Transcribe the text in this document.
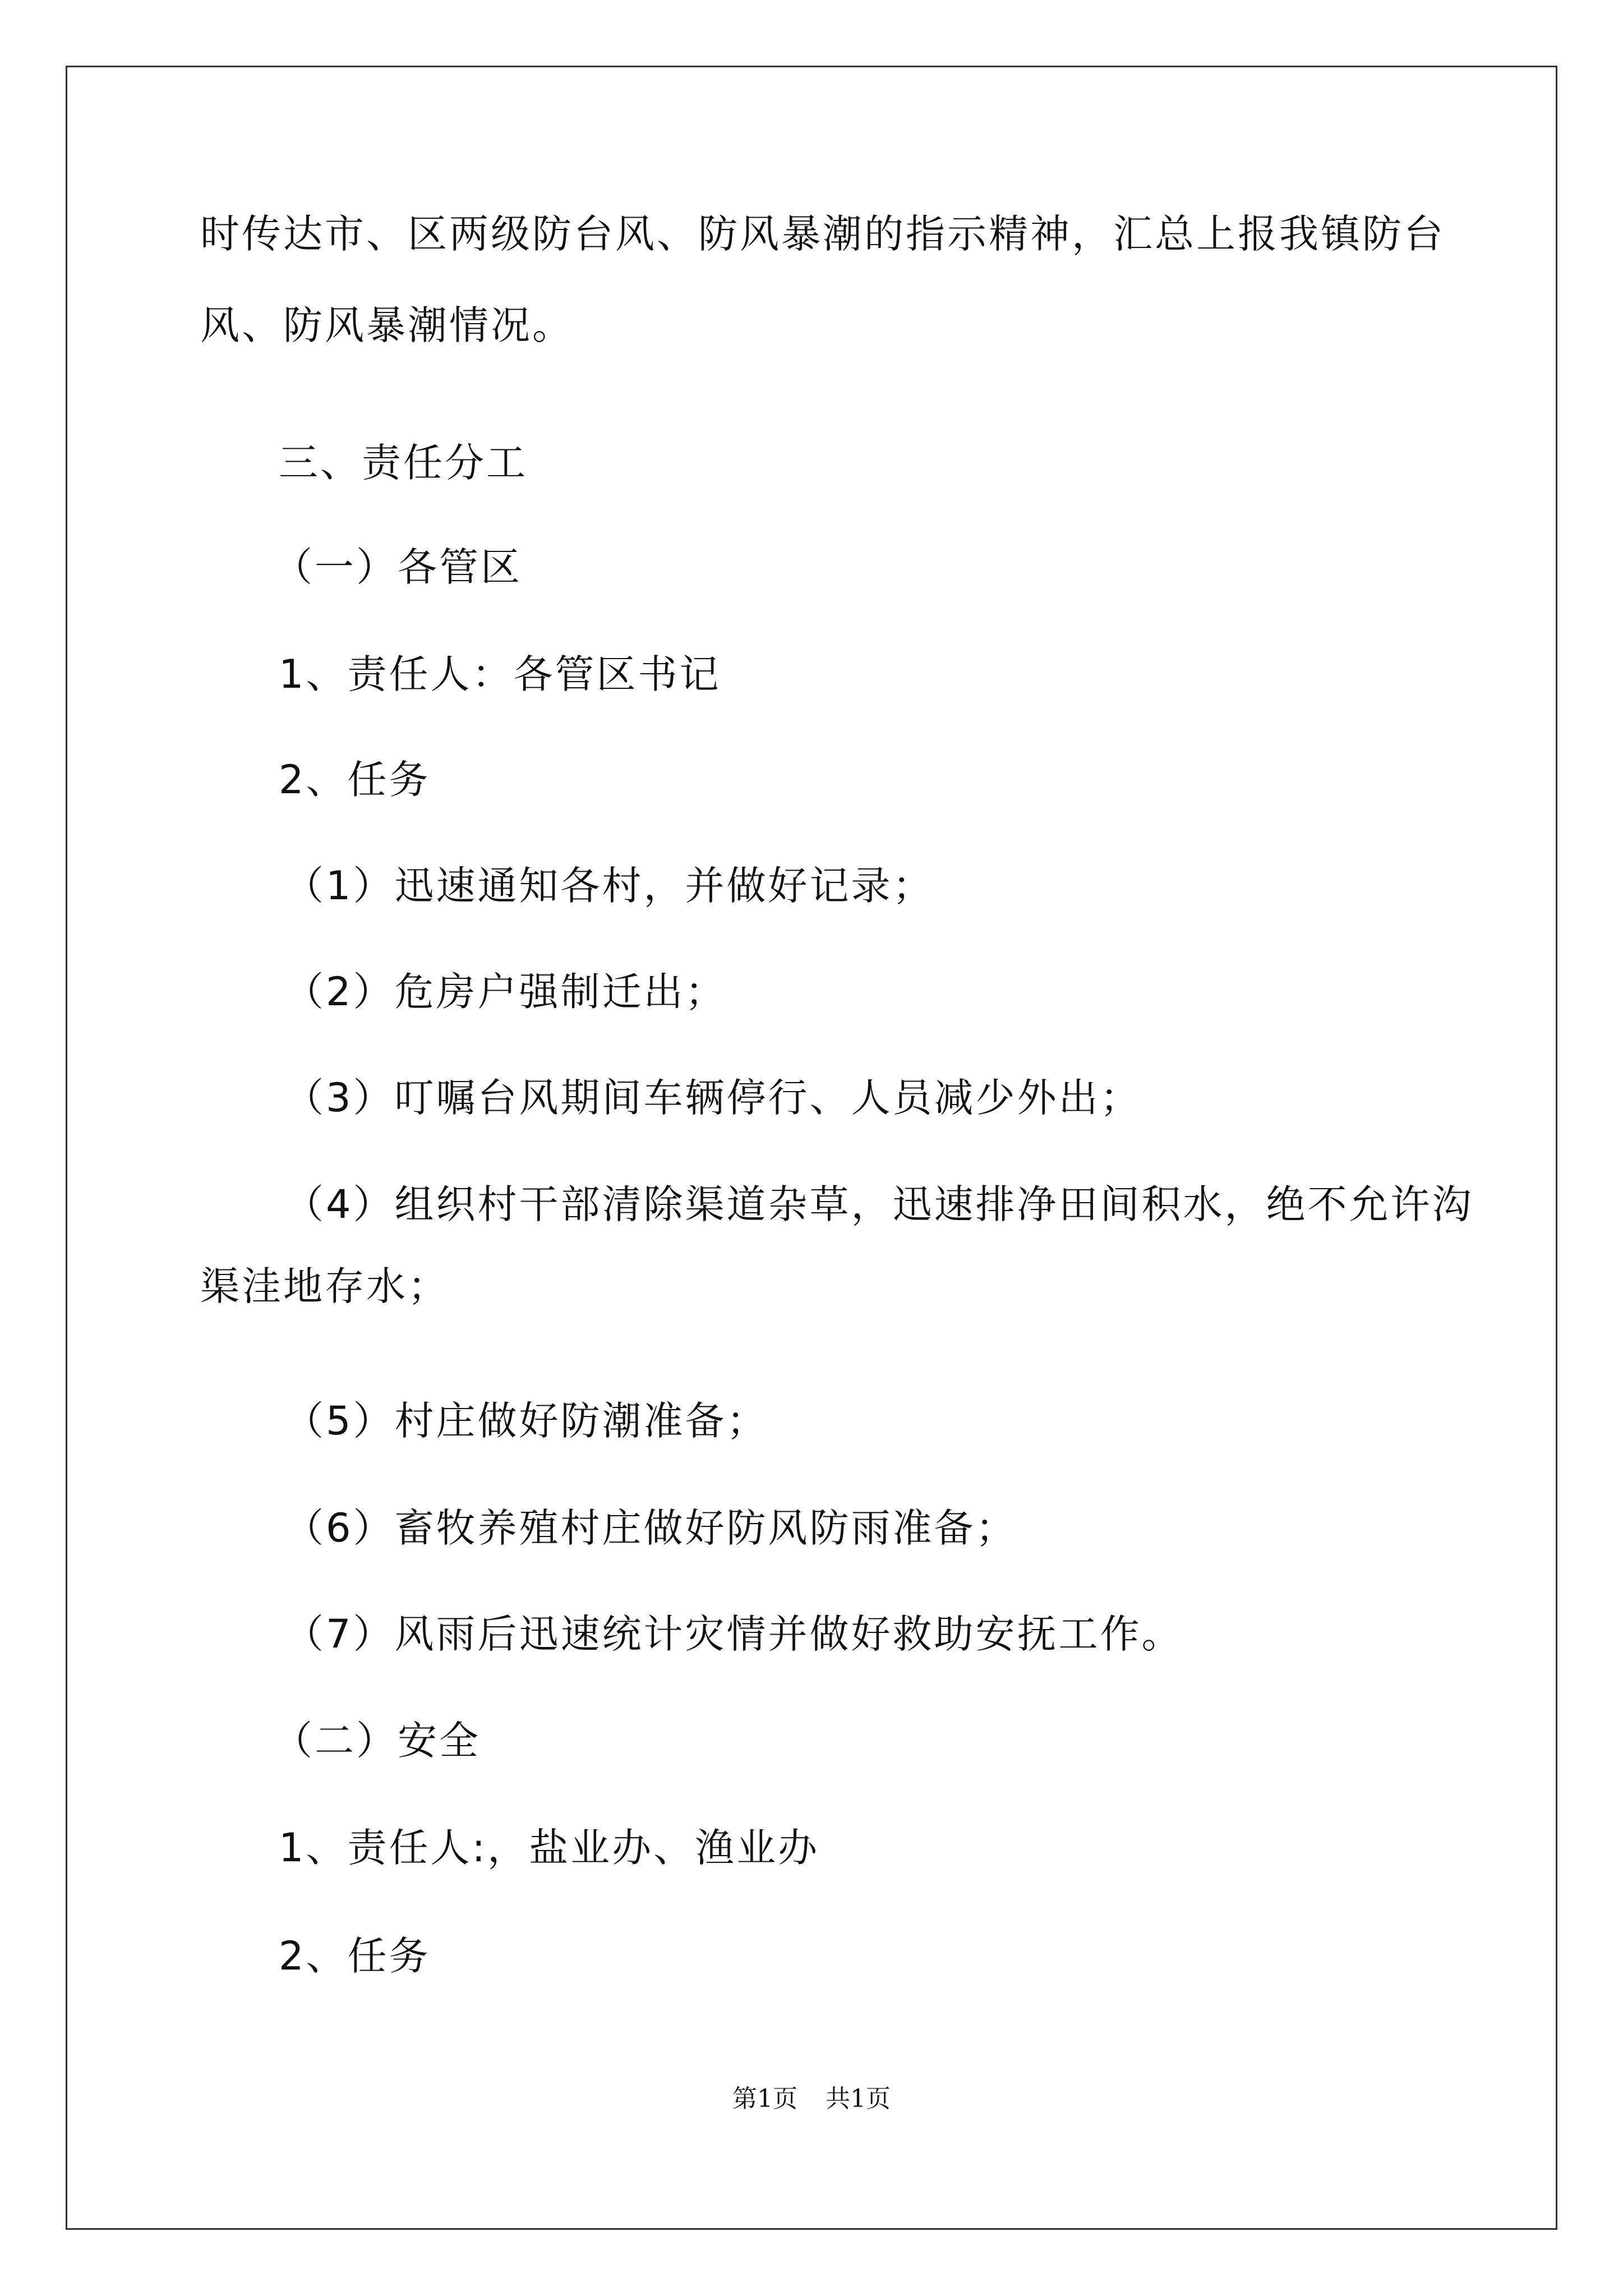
时传达市、区两级防台风、防风暴潮的指示精神，汇总上报我镇防台
风、防风暴潮情况。
三、责任分工
（一）各管区
1、责任人：各管区书记
2、任务
（1）迅速通知各村，并做好记录；
（2）危房户强制迁出；
（3）叮嘱台风期间车辆停行、人员减少外出；
（4）组织村干部清除渠道杂草，迅速排净田间积水，绝不允许沟
渠洼地存水；
（5）村庄做好防潮准备；
（6）畜牧养殖村庄做好防风防雨准备；
（7）风雨后迅速统计灾情并做好救助安抚工作。
（二）安全
1、责任人:，盐业办、渔业办
2、任务
第1页 共1页
